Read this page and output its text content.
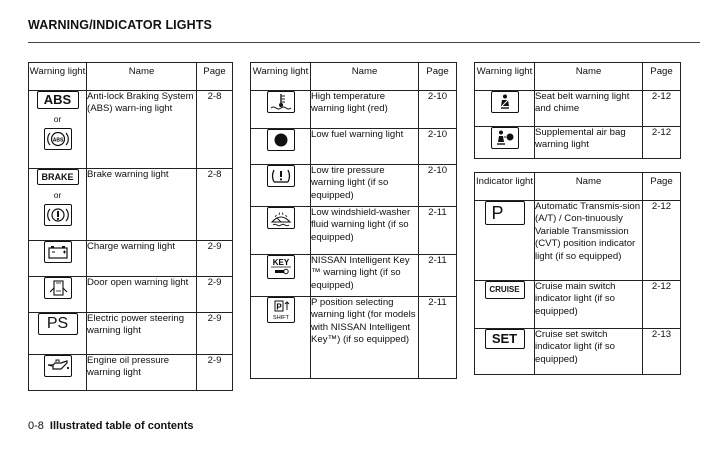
WARNING/INDICATOR LIGHTS
Warning light	Name	Page
ABS
or
ABS	Anti-lock Braking System (ABS) warn-ing light	2-8
BRAKE
or	Brake warning light	2-8

	Charge warning light	2-9

	Door open warning light	2-9
PS	Electric power steering warning light	2-9

	Engine oil pressure warning light	2-9
Warning light	Name	Page

	High temperature warning light (red)	2-10

	Low fuel warning light	2-10

	Low tire pressure warning light (if so equipped)	2-10

	Low windshield-washer fluid warning light (if so equipped)	2-11

KEY	NISSAN Intelligent Key ™ warning light (if so equipped)	2-11

P
SHIFT	P position selecting warning light (for models with NISSAN Intelligent Key™) (if so equipped)	2-11
Warning light	Name	Page

	Seat belt warning light and chime	2-12

	Supplemental air bag warning light	2-12
Indicator light	Name	Page
P	Automatic Transmis-sion (A/T) / Con-tinuously Variable Transmission (CVT) position indicator light (if so equipped)	2-12
CRUISE	Cruise main switch indicator light (if so equipped)	2-12
SET	Cruise set switch indicator light (if so equipped)	2-13
0-8 Illustrated table of contents
